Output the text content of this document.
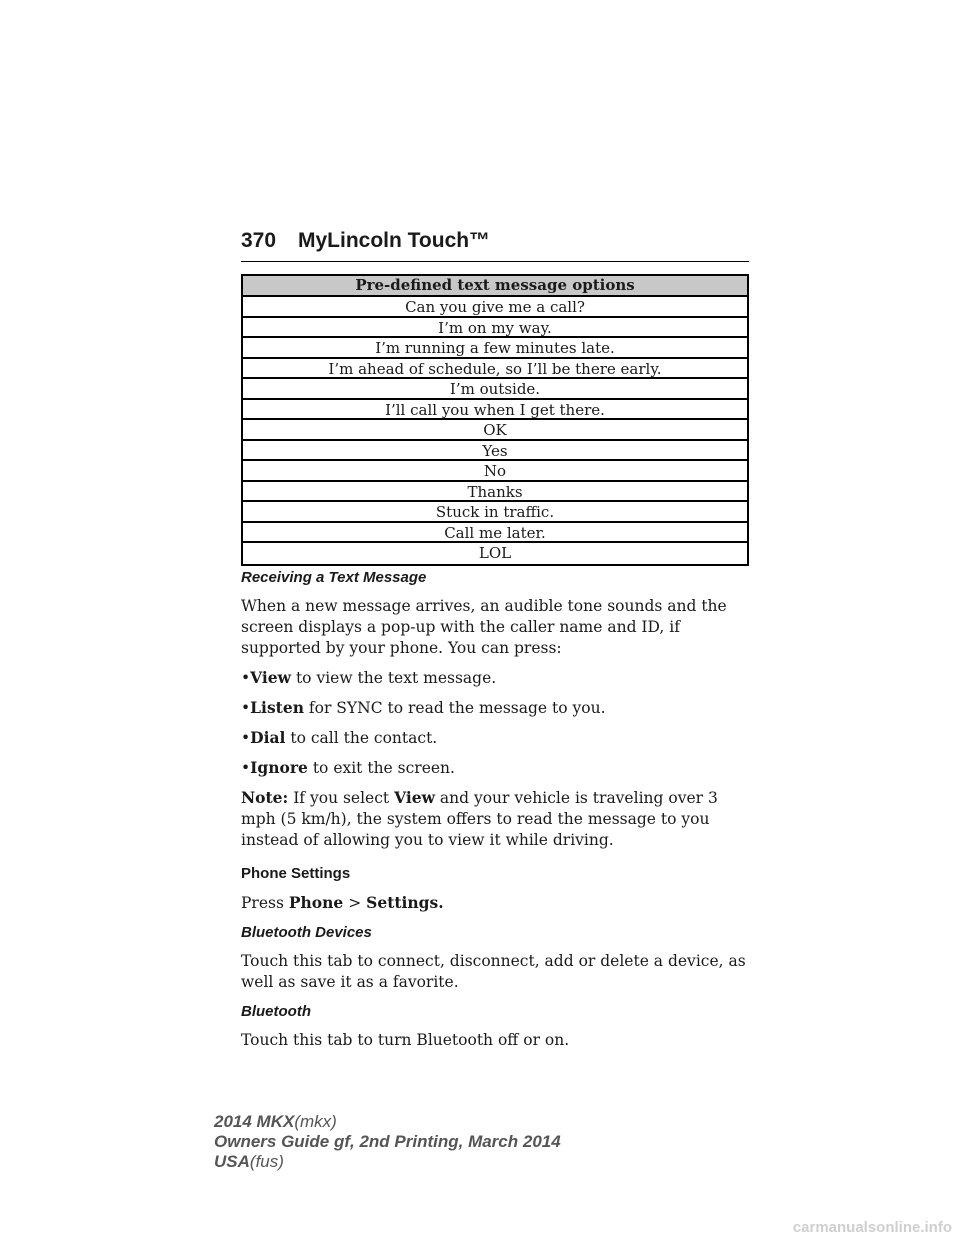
370 MyLincoln Touch™
Pre-defined text message options
Can you give me a call?
I’m on my way.
I’m running a few minutes late.
I’m ahead of schedule, so I’ll be there early.
I’m outside.
I’ll call you when I get there.
OK
Yes
No
Thanks
Stuck in traffic.
Call me later.
LOL
Receiving a Text Message

When a new message arrives, an audible tone sounds and the screen displays a pop-up with the caller name and ID, if supported by your phone. You can press:

•View to view the text message.
•Listen for SYNC to read the message to you.
•Dial to call the contact.
•Ignore to exit the screen.

Note: If you select View and your vehicle is traveling over 3 mph (5 km/h), the system offers to read the message to you instead of allowing you to view it while driving.

Phone Settings

Press Phone > Settings.

Bluetooth Devices

Touch this tab to connect, disconnect, add or delete a device, as well as save it as a favorite.

Bluetooth

Touch this tab to turn Bluetooth off or on.

2014 MKX(mkx)
Owners Guide gf, 2nd Printing, March 2014
USA(fus)
carmanualsonline.info
